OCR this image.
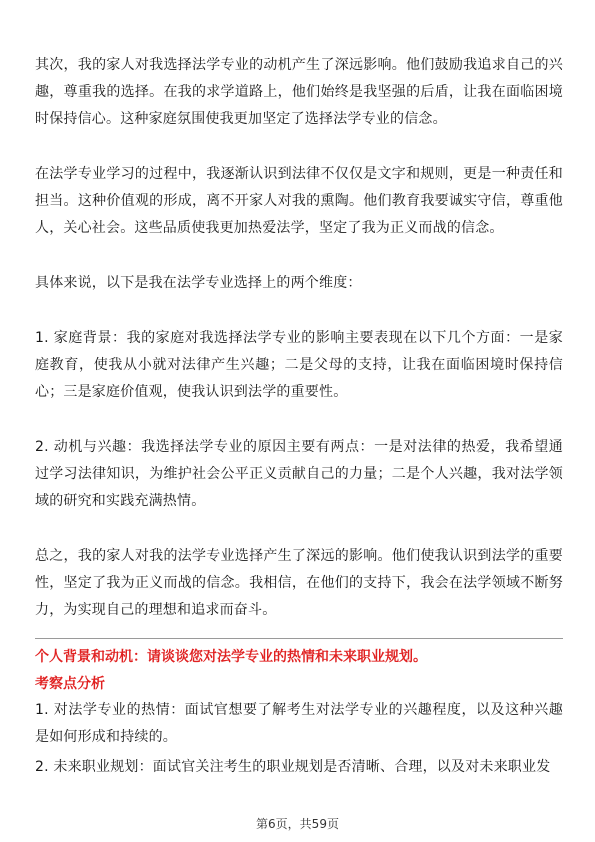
其次，我的家人对我选择法学专业的动机产生了深远影响。他们鼓励我追求自己的兴趣，尊重我的选择。在我的求学道路上，他们始终是我坚强的后盾，让我在面临困境时保持信心。这种家庭氛围使我更加坚定了选择法学专业的信念。

在法学专业学习的过程中，我逐渐认识到法律不仅仅是文字和规则，更是一种责任和担当。这种价值观的形成，离不开家人对我的熏陶。他们教育我要诚实守信，尊重他人，关心社会。这些品质使我更加热爱法学，坚定了我为正义而战的信念。

具体来说，以下是我在法学专业选择上的两个维度：

1. 家庭背景：我的家庭对我选择法学专业的影响主要表现在以下几个方面：一是家庭教育，使我从小就对法律产生兴趣；二是父母的支持，让我在面临困境时保持信心；三是家庭价值观，使我认识到法学的重要性。

2. 动机与兴趣：我选择法学专业的原因主要有两点：一是对法律的热爱，我希望通过学习法律知识，为维护社会公平正义贡献自己的力量；二是个人兴趣，我对法学领域的研究和实践充满热情。

总之，我的家人对我的法学专业选择产生了深远的影响。他们使我认识到法学的重要性，坚定了我为正义而战的信念。我相信，在他们的支持下，我会在法学领域不断努力，为实现自己的理想和追求而奋斗。

个人背景和动机：请谈谈您对法学专业的热情和未来职业规划。

考察点分析

1. 对法学专业的热情：面试官想要了解考生对法学专业的兴趣程度，以及这种兴趣是如何形成和持续的。

2. 未来职业规划：面试官关注考生的职业规划是否清晰、合理，以及对未来职业发

第6页，共59页
